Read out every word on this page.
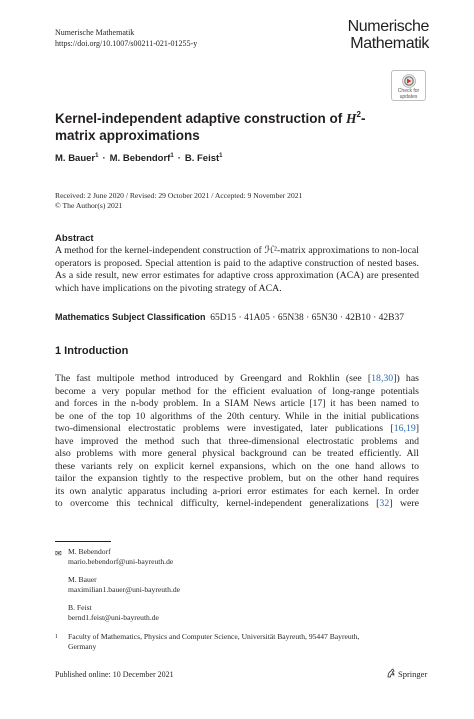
Numerische Mathematik
https://doi.org/10.1007/s00211-021-01255-y
Numerische
Mathematik
Check for
updates
Kernel-independent adaptive construction of $H^2$-matrix approximations
M. Bauer$^1$ · M. Bebendorf$^1$ · B. Feist$^1$
Received: 2 June 2020 / Revised: 29 October 2021 / Accepted: 9 November 2021
© The Author(s) 2021
Abstract

A method for the kernel-independent construction of ℋ²-matrix approximations to non-local operators is proposed. Special attention is paid to the adaptive construction of nested bases. As a side result, new error estimates for adaptive cross approximation (ACA) are presented which have implications on the pivoting strategy of ACA.

Mathematics Subject Classification 65D15 · 41A05 · 65N38 · 65N30 · 42B10 · 42B37
1 Introduction
The fast multipole method introduced by Greengard and Rokhlin (see [18,30]) has
become a very popular method for the efficient evaluation of long-range potentials
and forces in the n-body problem. In a SIAM News article [17] it has been named to
be one of the top 10 algorithms of the 20th century. While in the initial publications
two-dimensional electrostatic problems were investigated, later publications [16,19]
have improved the method such that three-dimensional electrostatic problems and
also problems with more general physical background can be treated efficiently. All
these variants rely on explicit kernel expansions, which on the one hand allows to
tailor the expansion tightly to the respective problem, but on the other hand requires
its own analytic apparatus including a-priori error estimates for each kernel. In order
to overcome this technical difficulty, kernel-independent generalizations [32] were
✉ M. Bebendorf
mario.bebendorf@uni-bayreuth.de
M. Bauer
maximilian1.bauer@uni-bayreuth.de
B. Feist
bernd1.feist@uni-bayreuth.de
1 Faculty of Mathematics, Physics and Computer Science, Universität Bayreuth, 95447 Bayreuth,
Germany
Published online: 10 December 2021	Springer
